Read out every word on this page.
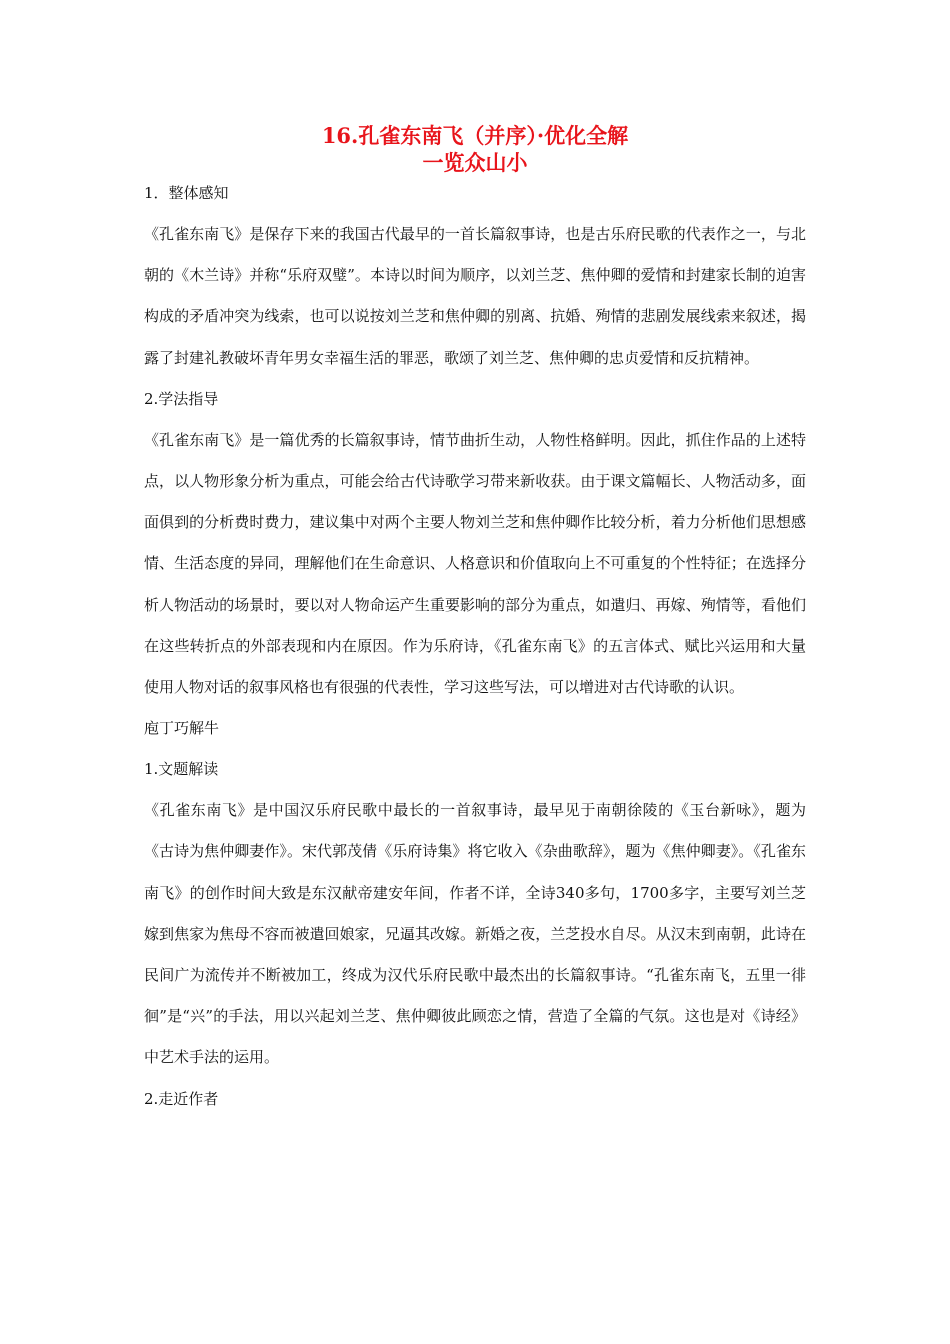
16.孔雀东南飞（并序）·优化全解
一览众山小
1．整体感知
《孔雀东南飞》是保存下来的我国古代最早的一首长篇叙事诗，也是古乐府民歌的代表作之一，与北朝的《木兰诗》并称“乐府双璧”。本诗以时间为顺序，以刘兰芝、焦仲卿的爱情和封建家长制的迫害构成的矛盾冲突为线索，也可以说按刘兰芝和焦仲卿的别离、抗婚、殉情的悲剧发展线索来叙述，揭露了封建礼教破坏青年男女幸福生活的罪恶，歌颂了刘兰芝、焦仲卿的忠贞爱情和反抗精神。
2.学法指导
《孔雀东南飞》是一篇优秀的长篇叙事诗，情节曲折生动，人物性格鲜明。因此，抓住作品的上述特点，以人物形象分析为重点，可能会给古代诗歌学习带来新收获。由于课文篇幅长、人物活动多，面面俱到的分析费时费力，建议集中对两个主要人物刘兰芝和焦仲卿作比较分析，着力分析他们思想感情、生活态度的异同，理解他们在生命意识、人格意识和价值取向上不可重复的个性特征；在选择分析人物活动的场景时，要以对人物命运产生重要影响的部分为重点，如遣归、再嫁、殉情等，看他们在这些转折点的外部表现和内在原因。作为乐府诗，《孔雀东南飞》的五言体式、赋比兴运用和大量使用人物对话的叙事风格也有很强的代表性，学习这些写法，可以增进对古代诗歌的认识。
庖丁巧解牛
1.文题解读
《孔雀东南飞》是中国汉乐府民歌中最长的一首叙事诗，最早见于南朝徐陵的《玉台新咏》，题为《古诗为焦仲卿妻作》。宋代郭茂倩《乐府诗集》将它收入《杂曲歌辞》，题为《焦仲卿妻》。《孔雀东南飞》的创作时间大致是东汉献帝建安年间，作者不详，全诗340多句，1700多字，主要写刘兰芝嫁到焦家为焦母不容而被遣回娘家，兄逼其改嫁。新婚之夜，兰芝投水自尽。从汉末到南朝，此诗在民间广为流传并不断被加工，终成为汉代乐府民歌中最杰出的长篇叙事诗。“孔雀东南飞，五里一徘徊”是“兴”的手法，用以兴起刘兰芝、焦仲卿彼此顾恋之情，营造了全篇的气氛。这也是对《诗经》中艺术手法的运用。
2.走近作者
